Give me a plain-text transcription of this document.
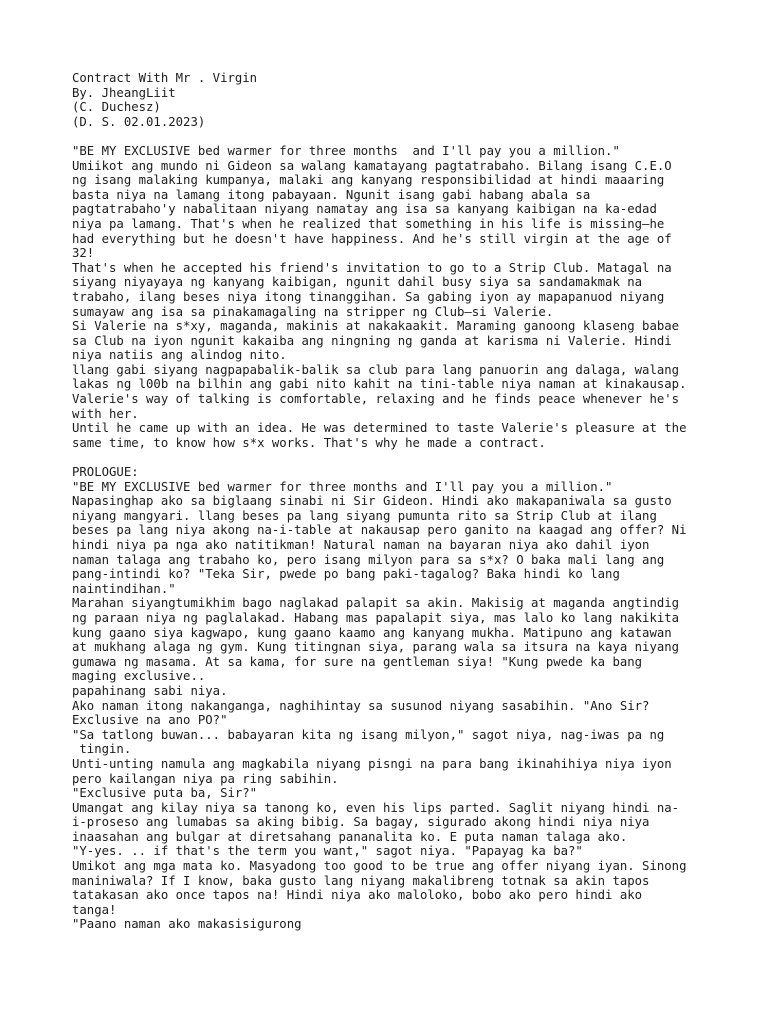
Contract With Mr . Virgin
By. JheangLiit
(C. Duchesz)
(D. S. 02.01.2023)
"BE MY EXCLUSIVE bed warmer for three months  and I'll pay you a million."
Umiikot ang mundo ni Gideon sa walang kamatayang pagtatrabaho. Bilang isang C.E.O
ng isang malaking kumpanya, malaki ang kanyang responsibilidad at hindi maaaring
basta niya na lamang itong pabayaan. Ngunit isang gabi habang abala sa
pagtatrabaho'y nabalitaan niyang namatay ang isa sa kanyang kaibigan na ka-edad
niya pa lamang. That's when he realized that something in his life is missing—he
had everything but he doesn't have happiness. And he's still virgin at the age of
32!
That's when he accepted his friend's invitation to go to a Strip Club. Matagal na
siyang niyayaya ng kanyang kaibigan, ngunit dahil busy siya sa sandamakmak na
trabaho, ilang beses niya itong tinanggihan. Sa gabing iyon ay mapapanuod niyang
sumayaw ang isa sa pinakamagaling na stripper ng Club—si Valerie.
Si Valerie na s*xy, maganda, makinis at nakakaakit. Maraming ganoong klaseng babae
sa Club na iyon ngunit kakaiba ang ningning ng ganda at karisma ni Valerie. Hindi
niya natiis ang alindog nito.
llang gabi siyang nagpapabalik-balik sa club para lang panuorin ang dalaga, walang
lakas ng l00b na bilhin ang gabi nito kahit na tini-table niya naman at kinakausap.
Valerie's way of talking is comfortable, relaxing and he finds peace whenever he's
with her.
Until he came up with an idea. He was determined to taste Valerie's pleasure at the
same time, to know how s*x works. That's why he made a contract.
PROLOGUE:
"BE MY EXCLUSIVE bed warmer for three months and I'll pay you a million."
Napasinghap ako sa biglaang sinabi ni Sir Gideon. Hindi ako makapaniwala sa gusto
niyang mangyari. llang beses pa lang siyang pumunta rito sa Strip Club at ilang
beses pa lang niya akong na-i-table at nakausap pero ganito na kaagad ang offer? Ni
hindi niya pa nga ako natitikman! Natural naman na bayaran niya ako dahil iyon
naman talaga ang trabaho ko, pero isang milyon para sa s*x? O baka mali lang ang
pang-intindi ko? "Teka Sir, pwede po bang paki-tagalog? Baka hindi ko lang
naintindihan."
Marahan siyangtumikhim bago naglakad palapit sa akin. Makisig at maganda angtindig
ng paraan niya ng paglalakad. Habang mas papalapit siya, mas lalo ko lang nakikita
kung gaano siya kagwapo, kung gaano kaamo ang kanyang mukha. Matipuno ang katawan
at mukhang alaga ng gym. Kung titingnan siya, parang wala sa itsura na kaya niyang
gumawa ng masama. At sa kama, for sure na gentleman siya! "Kung pwede ka bang
maging exclusive..
papahinang sabi niya.
Ako naman itong nakanganga, naghihintay sa susunod niyang sasabihin. "Ano Sir?
Exclusive na ano PO?"
"Sa tatlong buwan... babayaran kita ng isang milyon," sagot niya, nag-iwas pa ng
tingin.
Unti-unting namula ang magkabila niyang pisngi na para bang ikinahihiya niya iyon
pero kailangan niya pa ring sabihin.
"Exclusive puta ba, Sir?"
Umangat ang kilay niya sa tanong ko, even his lips parted. Saglit niyang hindi na-
i-proseso ang lumabas sa aking bibig. Sa bagay, sigurado akong hindi niya niya
inaasahan ang bulgar at diretsahang pananalita ko. E puta naman talaga ako.
"Y-yes. .. if that's the term you want," sagot niya. "Papayag ka ba?"
Umikot ang mga mata ko. Masyadong too good to be true ang offer niyang iyan. Sinong
maniniwala? If I know, baka gusto lang niyang makalibreng totnak sa akin tapos
tatakasan ako once tapos na! Hindi niya ako maloloko, bobo ako pero hindi ako
tanga!
"Paano naman ako makasisigurong
